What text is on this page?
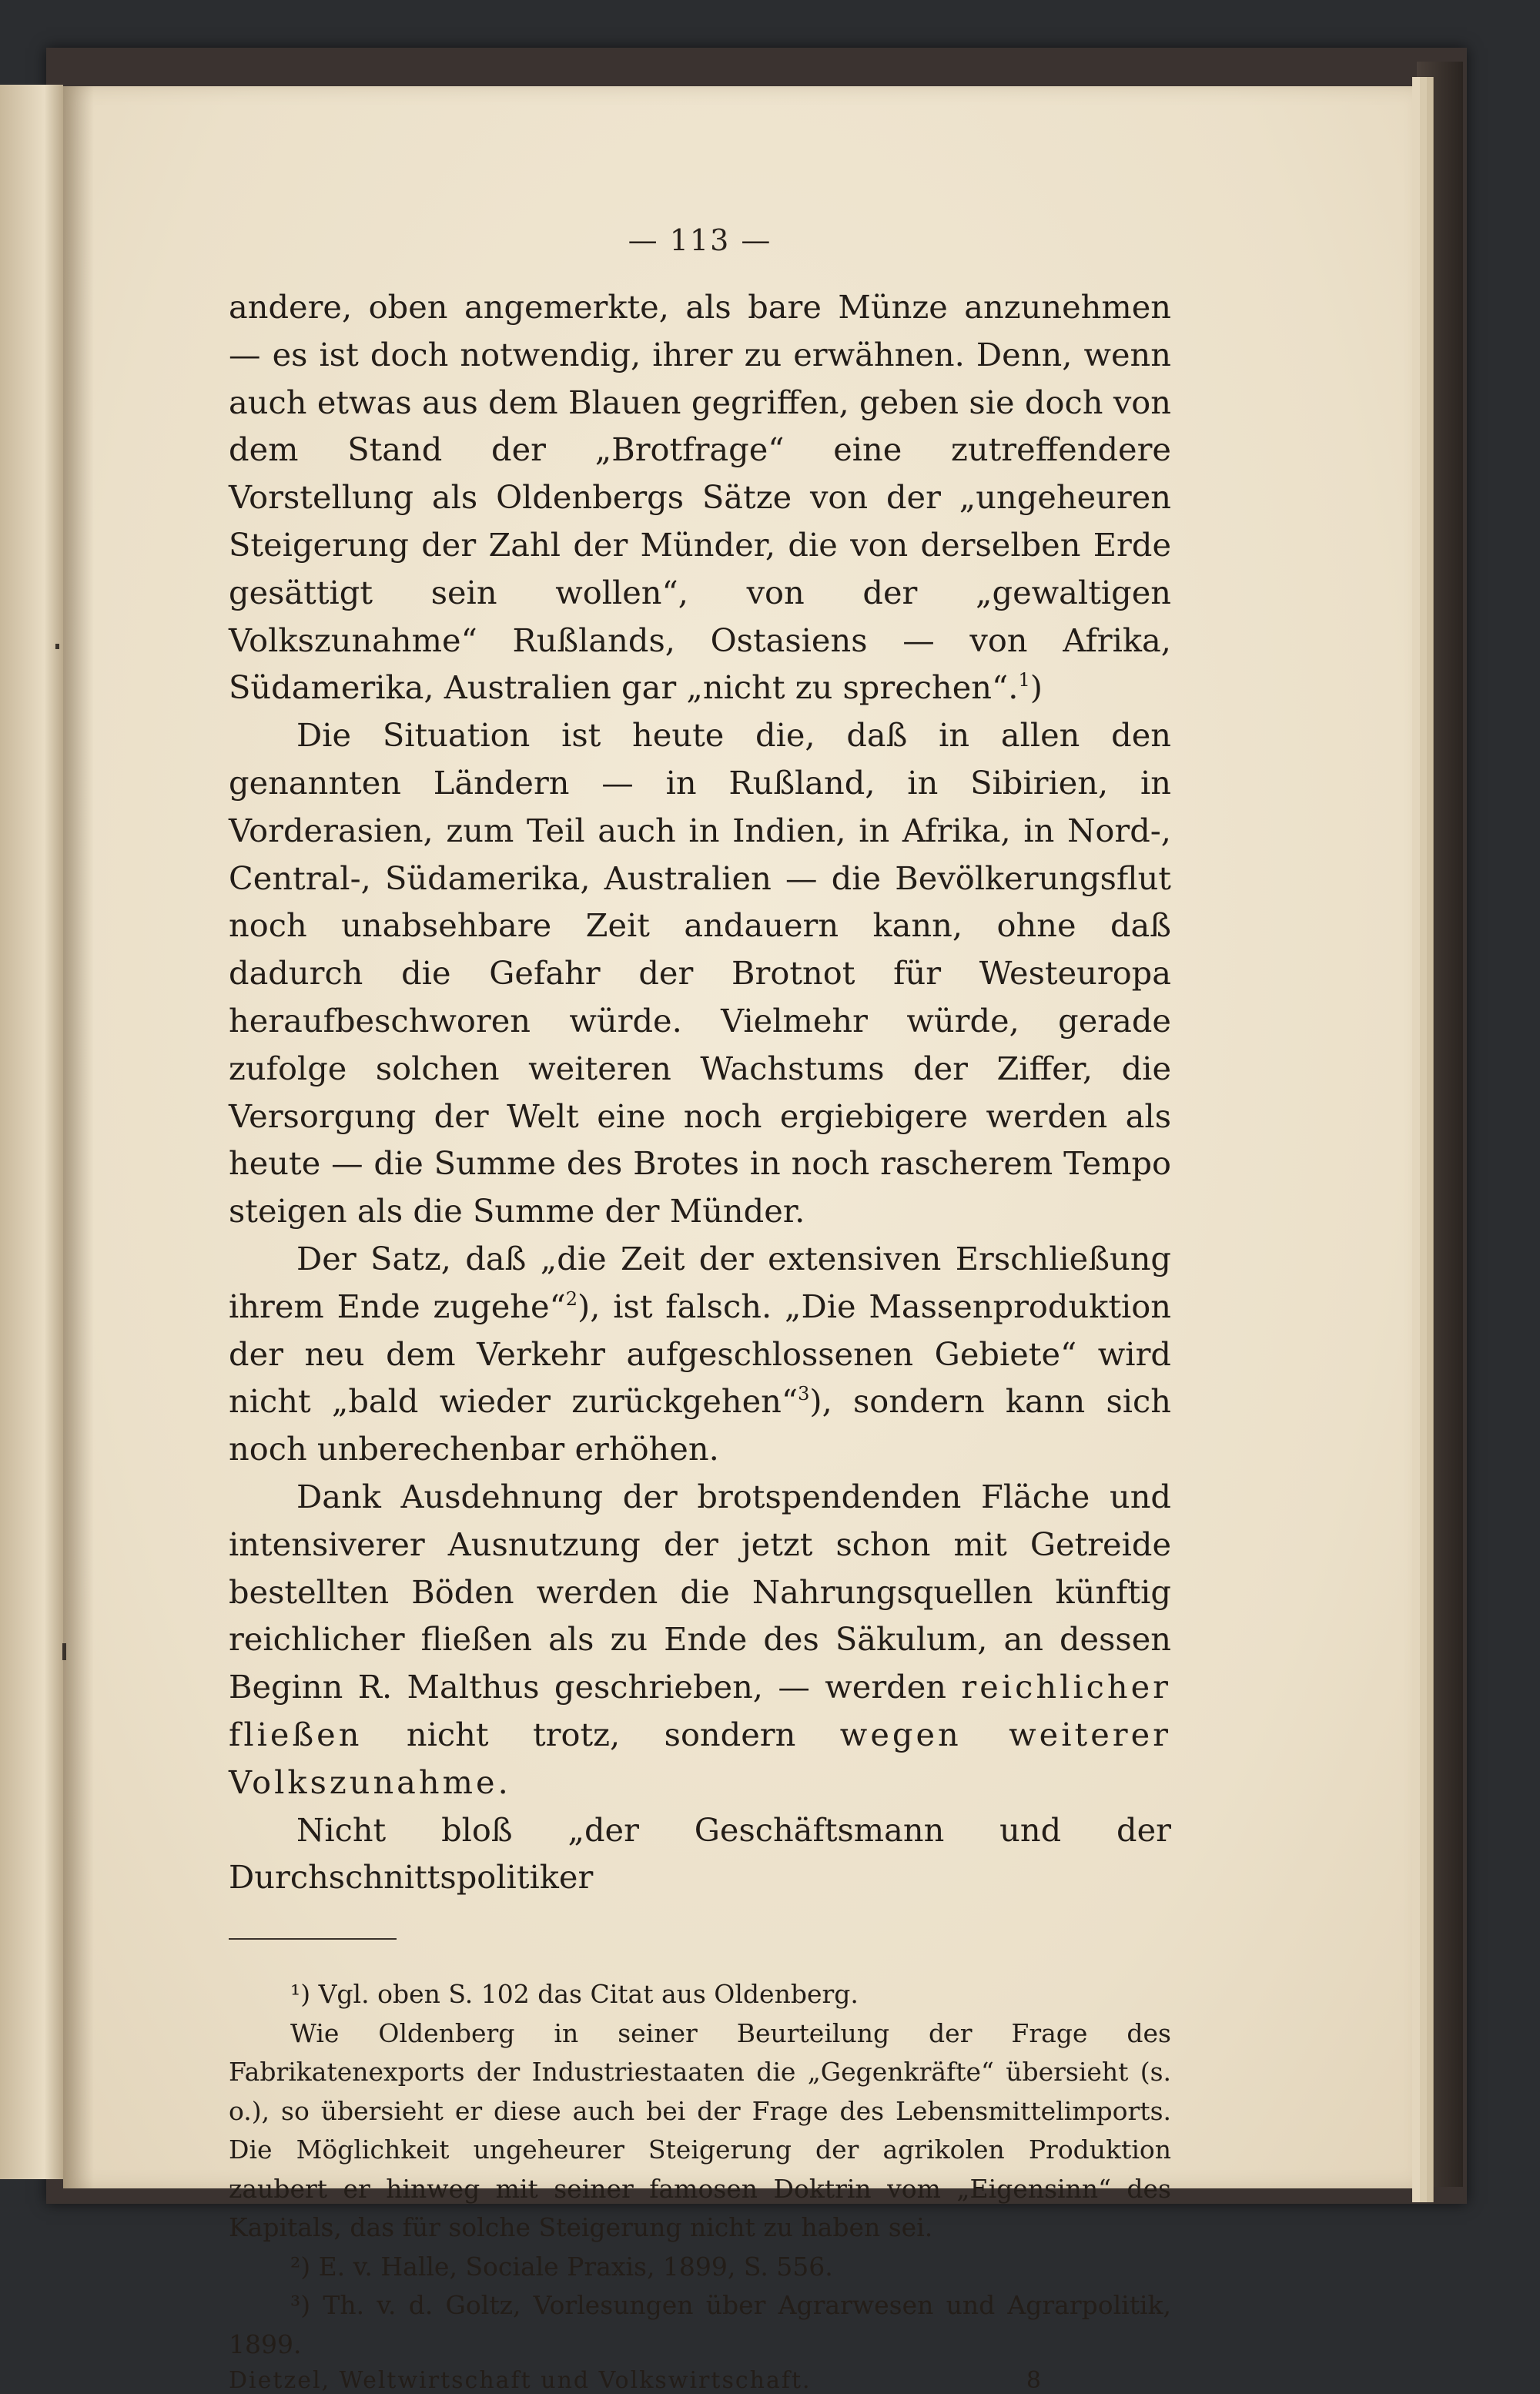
— 113 —

andere, oben angemerkte, als bare Münze anzunehmen — es ist doch notwendig, ihrer zu erwähnen. Denn, wenn auch etwas aus dem Blauen gegriffen, geben sie doch von dem Stand der „Brotfrage“ eine zutreffendere Vorstellung als Oldenbergs Sätze von der „ungeheuren Steigerung der Zahl der Münder, die von derselben Erde gesättigt sein wollen“, von der „gewaltigen Volkszunahme“ Rußlands, Ostasiens — von Afrika, Südamerika, Australien gar „nicht zu sprechen“.$^1$)

Die Situation ist heute die, daß in allen den genannten Ländern — in Rußland, in Sibirien, in Vorderasien, zum Teil auch in Indien, in Afrika, in Nord-, Central-, Südamerika, Australien — die Bevölkerungsflut noch unabsehbare Zeit andauern kann, ohne daß dadurch die Gefahr der Brotnot für Westeuropa heraufbeschworen würde. Vielmehr würde, gerade zufolge solchen weiteren Wachstums der Ziffer, die Versorgung der Welt eine noch ergiebigere werden als heute — die Summe des Brotes in noch rascherem Tempo steigen als die Summe der Münder.

Der Satz, daß „die Zeit der extensiven Erschließung ihrem Ende zugehe“$^2$), ist falsch. „Die Massenproduktion der neu dem Verkehr aufgeschlossenen Gebiete“ wird nicht „bald wieder zurückgehen“$^3$), sondern kann sich noch unberechenbar erhöhen.

Dank Ausdehnung der brotspendenden Fläche und intensiverer Ausnutzung der jetzt schon mit Getreide bestellten Böden werden die Nahrungsquellen künftig reichlicher fließen als zu Ende des Säkulum, an dessen Beginn R. Malthus geschrieben, — werden reichlicher fließen nicht trotz, sondern wegen weiterer Volkszunahme.

Nicht bloß „der Geschäftsmann und der Durchschnittspolitiker

¹) Vgl. oben S. 102 das Citat aus Oldenberg.

Wie Oldenberg in seiner Beurteilung der Frage des Fabrikatenexports der Industriestaaten die „Gegenkräfte“ übersieht (s. o.), so übersieht er diese auch bei der Frage des Lebensmittelimports. Die Möglichkeit ungeheurer Steigerung der agrikolen Produktion zaubert er hinweg mit seiner famosen Doktrin vom „Eigensinn“ des Kapitals, das für solche Steigerung nicht zu haben sei.

²) E. v. Halle, Sociale Praxis, 1899, S. 556.

³) Th. v. d. Goltz, Vorlesungen über Agrarwesen und Agrarpolitik, 1899.

Dietzel, Weltwirtschaft und Volkswirtschaft.	8
